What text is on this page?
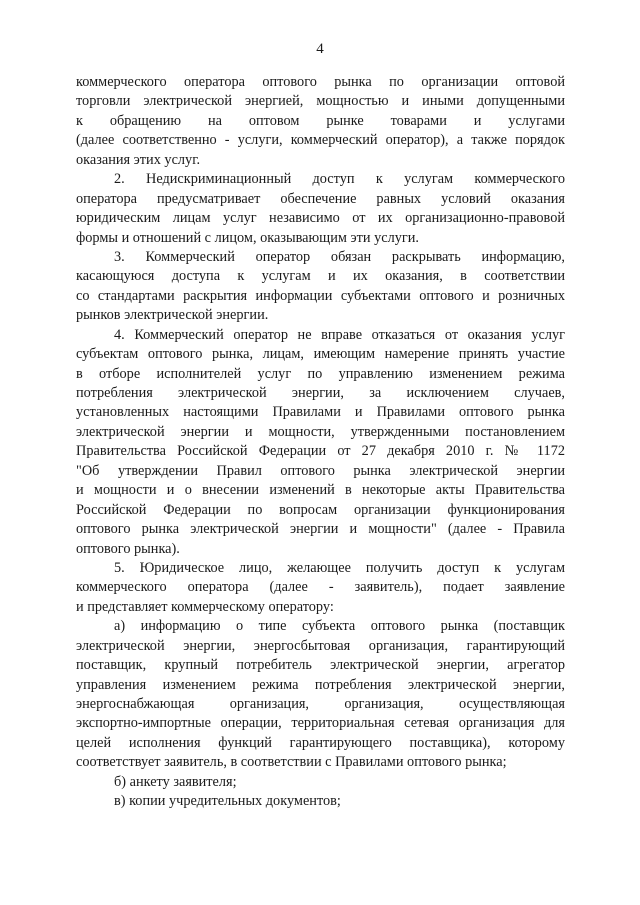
4
коммерческого оператора оптового рынка по организации оптовой
торговли электрической энергией, мощностью и иными допущенными
к обращению на оптовом рынке товарами и услугами
(далее соответственно - услуги, коммерческий оператор), а также порядок
оказания этих услуг.
2. Недискриминационный доступ к услугам коммерческого
оператора предусматривает обеспечение равных условий оказания
юридическим лицам услуг независимо от их организационно-правовой
формы и отношений с лицом, оказывающим эти услуги.
3. Коммерческий оператор обязан раскрывать информацию,
касающуюся доступа к услугам и их оказания, в соответствии
со стандартами раскрытия информации субъектами оптового и розничных
рынков электрической энергии.
4. Коммерческий оператор не вправе отказаться от оказания услуг
субъектам оптового рынка, лицам, имеющим намерение принять участие
в отборе исполнителей услуг по управлению изменением режима
потребления электрической энергии, за исключением случаев,
установленных настоящими Правилами и Правилами оптового рынка
электрической энергии и мощности, утвержденными постановлением
Правительства Российской Федерации от 27 декабря 2010 г. № 1172
"Об утверждении Правил оптового рынка электрической энергии
и мощности и о внесении изменений в некоторые акты Правительства
Российской Федерации по вопросам организации функционирования
оптового рынка электрической энергии и мощности" (далее - Правила
оптового рынка).
5. Юридическое лицо, желающее получить доступ к услугам
коммерческого оператора (далее - заявитель), подает заявление
и представляет коммерческому оператору:
а) информацию о типе субъекта оптового рынка (поставщик
электрической энергии, энергосбытовая организация, гарантирующий
поставщик, крупный потребитель электрической энергии, агрегатор
управления изменением режима потребления электрической энергии,
энергоснабжающая организация, организация, осуществляющая
экспортно-импортные операции, территориальная сетевая организация для
целей исполнения функций гарантирующего поставщика), которому
соответствует заявитель, в соответствии с Правилами оптового рынка;
б) анкету заявителя;
в) копии учредительных документов;
